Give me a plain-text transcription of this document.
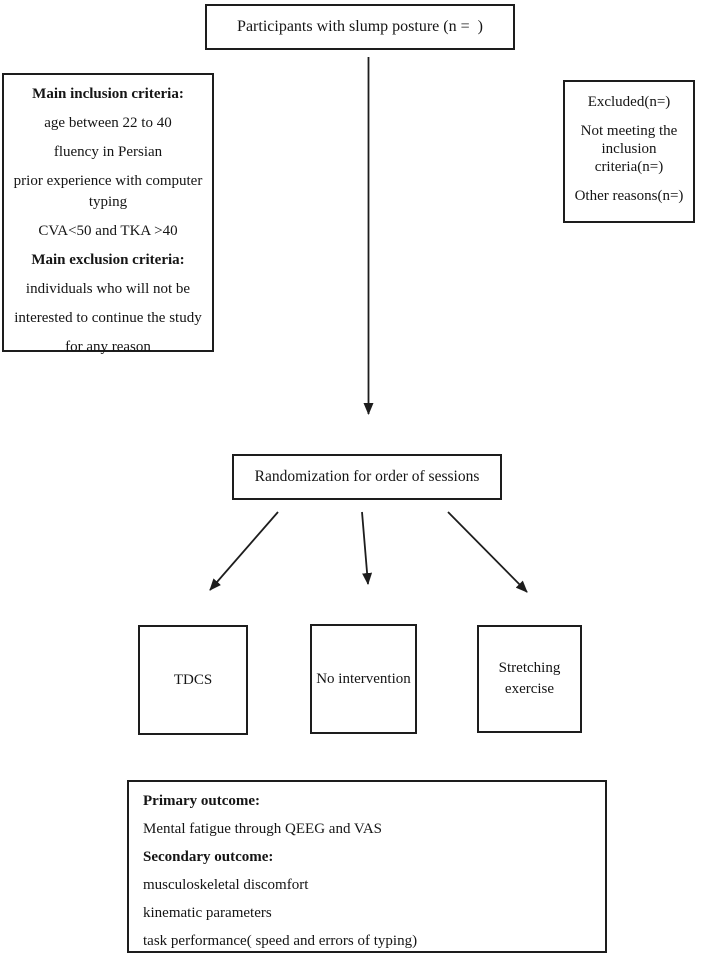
Participants with slump posture (n =  )

Main inclusion criteria:

age between 22 to 40

fluency in Persian

prior experience with computer typing

CVA<50 and TKA >40

Main exclusion criteria:

individuals who will not be

interested to continue the study

for any reason

Excluded(n=)

Not meeting the inclusion criteria(n=)

Other reasons(n=)

Randomization for order of sessions
TDCS	No intervention
Stretching exercise

Primary outcome:

Mental fatigue through QEEG and VAS

Secondary outcome:

musculoskeletal discomfort

kinematic parameters

task performance( speed and errors of typing)
